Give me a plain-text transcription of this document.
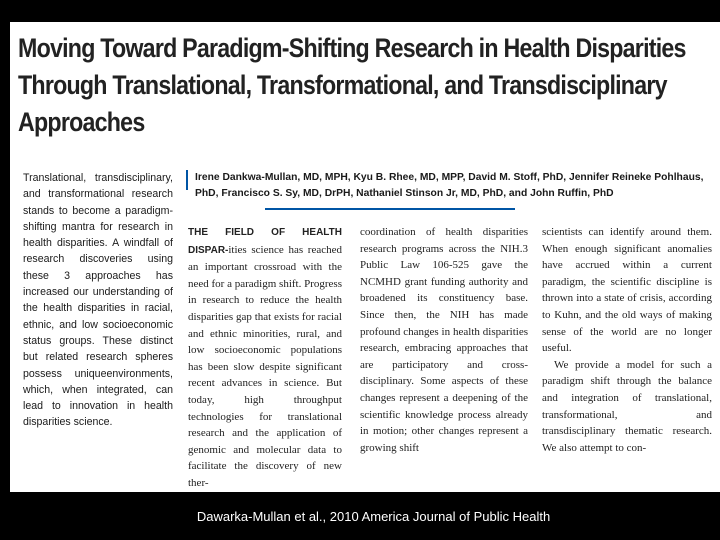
Moving Toward Paradigm-Shifting Research in Health Disparities Through Translational, Transformational, and Transdisciplinary Approaches
Translational, transdisciplinary, and transformational research stands to become a paradigm-shifting mantra for research in health disparities. A windfall of research discoveries using these 3 approaches has increased our understanding of the health disparities in racial, ethnic, and low socioeconomic status groups. These distinct but related research spheres possess uniqueenvironments, which, when integrated, can lead to innovation in health disparities science.
Irene Dankwa-Mullan, MD, MPH, Kyu B. Rhee, MD, MPP, David M. Stoff, PhD, Jennifer Reineke Pohlhaus, PhD, Francisco S. Sy, MD, DrPH, Nathaniel Stinson Jr, MD, PhD, and John Ruffin, PhD
THE FIELD OF HEALTH DISPAR-ities science has reached an important crossroad with the need for a paradigm shift. Progress in research to reduce the health disparities gap that exists for racial and ethnic minorities, rural, and low socioeconomic populations has been slow despite significant recent advances in science. But today, high throughput technologies for translational research and the application of genomic and molecular data to facilitate the discovery of new ther-
coordination of health disparities research programs across the NIH.3 Public Law 106-525 gave the NCMHD grant funding authority and broadened its constituency base. Since then, the NIH has made profound changes in health disparities research, embracing approaches that are participatory and cross-disciplinary. Some aspects of these changes represent a deepening of the scientific knowledge process already in motion; other changes represent a growing shift
scientists can identify around them. When enough significant anomalies have accrued within a current paradigm, the scientific discipline is thrown into a state of crisis, according to Kuhn, and the old ways of making sense of the world are no longer useful.
We provide a model for such a paradigm shift through the balance and integration of translational, transformational, and transdisciplinary thematic research. We also attempt to con-
Dawarka-Mullan et al., 2010 America Journal of Public Health
